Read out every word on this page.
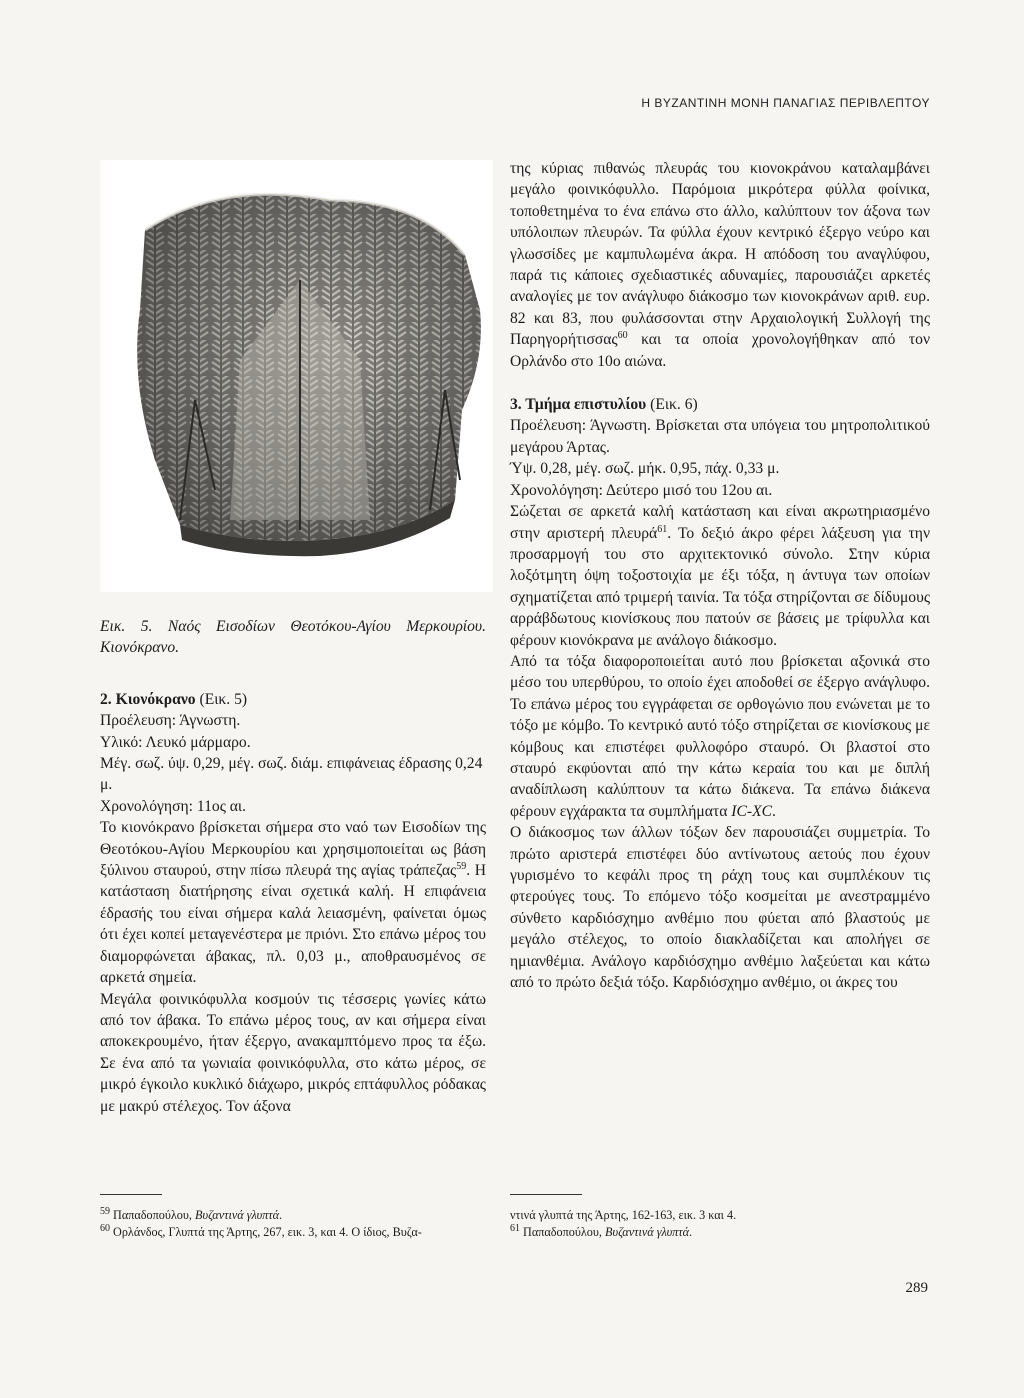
Η ΒΥΖΑΝΤΙΝΗ ΜΟΝΗ ΠΑΝΑΓΙΑΣ ΠΕΡΙΒΛΕΠΤΟΥ

Εικ. 5. Ναός Εισοδίων Θεοτόκου-Αγίου Μερκουρίου. Κιονόκρανο.

2. Κιονόκρανο (Εικ. 5)

Προέλευση: Άγνωστη.

Υλικό: Λευκό μάρμαρο.

Μέγ. σωζ. ύψ. 0,29, μέγ. σωζ. διάμ. επιφάνειας έδρασης 0,24 μ.

Χρονολόγηση: 11ος αι.

Το κιονόκρανο βρίσκεται σήμερα στο ναό των Εισοδίων της Θεοτόκου-Αγίου Μερκουρίου και χρησιμοποιείται ως βάση ξύλινου σταυρού, στην πίσω πλευρά της αγίας τράπεζας$^{59}$. Η κατάσταση διατήρησης είναι σχετικά καλή. Η επιφάνεια έδρασής του είναι σήμερα καλά λειασμένη, φαίνεται όμως ότι έχει κοπεί μεταγενέστερα με πριόνι. Στο επάνω μέρος του διαμορφώνεται άβακας, πλ. 0,03 μ., αποθραυσμένος σε αρκετά σημεία.

Μεγάλα φοινικόφυλλα κοσμούν τις τέσσερις γωνίες κάτω από τον άβακα. Το επάνω μέρος τους, αν και σήμερα είναι αποκεκρουμένο, ήταν έξεργο, ανακαμπτόμενο προς τα έξω. Σε ένα από τα γωνιαία φοινικόφυλλα, στο κάτω μέρος, σε μικρό έγκοιλο κυκλικό διάχωρο, μικρός επτάφυλλος ρόδακας με μακρύ στέλεχος. Τον άξονα

της κύριας πιθανώς πλευράς του κιονοκράνου καταλαμβάνει μεγάλο φοινικόφυλλο. Παρόμοια μικρότερα φύλλα φοίνικα, τοποθετημένα το ένα επάνω στο άλλο, καλύπτουν τον άξονα των υπόλοιπων πλευρών. Τα φύλλα έχουν κεντρικό έξεργο νεύρο και γλωσσίδες με καμπυλωμένα άκρα. Η απόδοση του αναγλύφου, παρά τις κάποιες σχεδιαστικές αδυναμίες, παρουσιάζει αρκετές αναλογίες με τον ανάγλυφο διάκοσμο των κιονοκράνων αριθ. ευρ. 82 και 83, που φυλάσσονται στην Αρχαιολογική Συλλογή της Παρηγορήτισσας$^{60}$ και τα οποία χρονολογήθηκαν από τον Ορλάνδο στο 10ο αιώνα.

3. Τμήμα επιστυλίου (Εικ. 6)

Προέλευση: Άγνωστη. Βρίσκεται στα υπόγεια του μητροπολιτικού μεγάρου Άρτας.

Ύψ. 0,28, μέγ. σωζ. μήκ. 0,95, πάχ. 0,33 μ.

Χρονολόγηση: Δεύτερο μισό του 12ου αι.

Σώζεται σε αρκετά καλή κατάσταση και είναι ακρωτηριασμένο στην αριστερή πλευρά$^{61}$. Το δεξιό άκρο φέρει λάξευση για την προσαρμογή του στο αρχιτεκτονικό σύνολο. Στην κύρια λοξότμητη όψη τοξοστοιχία με έξι τόξα, η άντυγα των οποίων σχηματίζεται από τριμερή ταινία. Τα τόξα στηρίζονται σε δίδυμους αρράβδωτους κιονίσκους που πατούν σε βάσεις με τρίφυλλα και φέρουν κιονόκρανα με ανάλογο διάκοσμο.

Από τα τόξα διαφοροποιείται αυτό που βρίσκεται αξονικά στο μέσο του υπερθύρου, το οποίο έχει αποδοθεί σε έξεργο ανάγλυφο. Το επάνω μέρος του εγγράφεται σε ορθογώνιο που ενώνεται με το τόξο με κόμβο. Το κεντρικό αυτό τόξο στηρίζεται σε κιονίσκους με κόμβους και επιστέφει φυλλοφόρο σταυρό. Οι βλαστοί στο σταυρό εκφύονται από την κάτω κεραία του και με διπλή αναδίπλωση καλύπτουν τα κάτω διάκενα. Τα επάνω διάκενα φέρουν εγχάρακτα τα συμπλήματα IC-XC.

Ο διάκοσμος των άλλων τόξων δεν παρουσιάζει συμμετρία. Το πρώτο αριστερά επιστέφει δύο αντίνωτους αετούς που έχουν γυρισμένο το κεφάλι προς τη ράχη τους και συμπλέκουν τις φτερούγες τους. Το επόμενο τόξο κοσμείται με ανεστραμμένο σύνθετο καρδιόσχημο ανθέμιο που φύεται από βλαστούς με μεγάλο στέλεχος, το οποίο διακλαδίζεται και απολήγει σε ημιανθέμια. Ανάλογο καρδιόσχημο ανθέμιο λαξεύεται και κάτω από το πρώτο δεξιά τόξο. Καρδιόσχημο ανθέμιο, οι άκρες του

$^{59}$ Παπαδοπούλου, Βυζαντινά γλυπτά.

$^{60}$ Ορλάνδος, Γλυπτά της Άρτης, 267, εικ. 3, και 4. Ο ίδιος, Βυζα-

ντινά γλυπτά της Άρτης, 162-163, εικ. 3 και 4.

$^{61}$ Παπαδοπούλου, Βυζαντινά γλυπτά.

289
